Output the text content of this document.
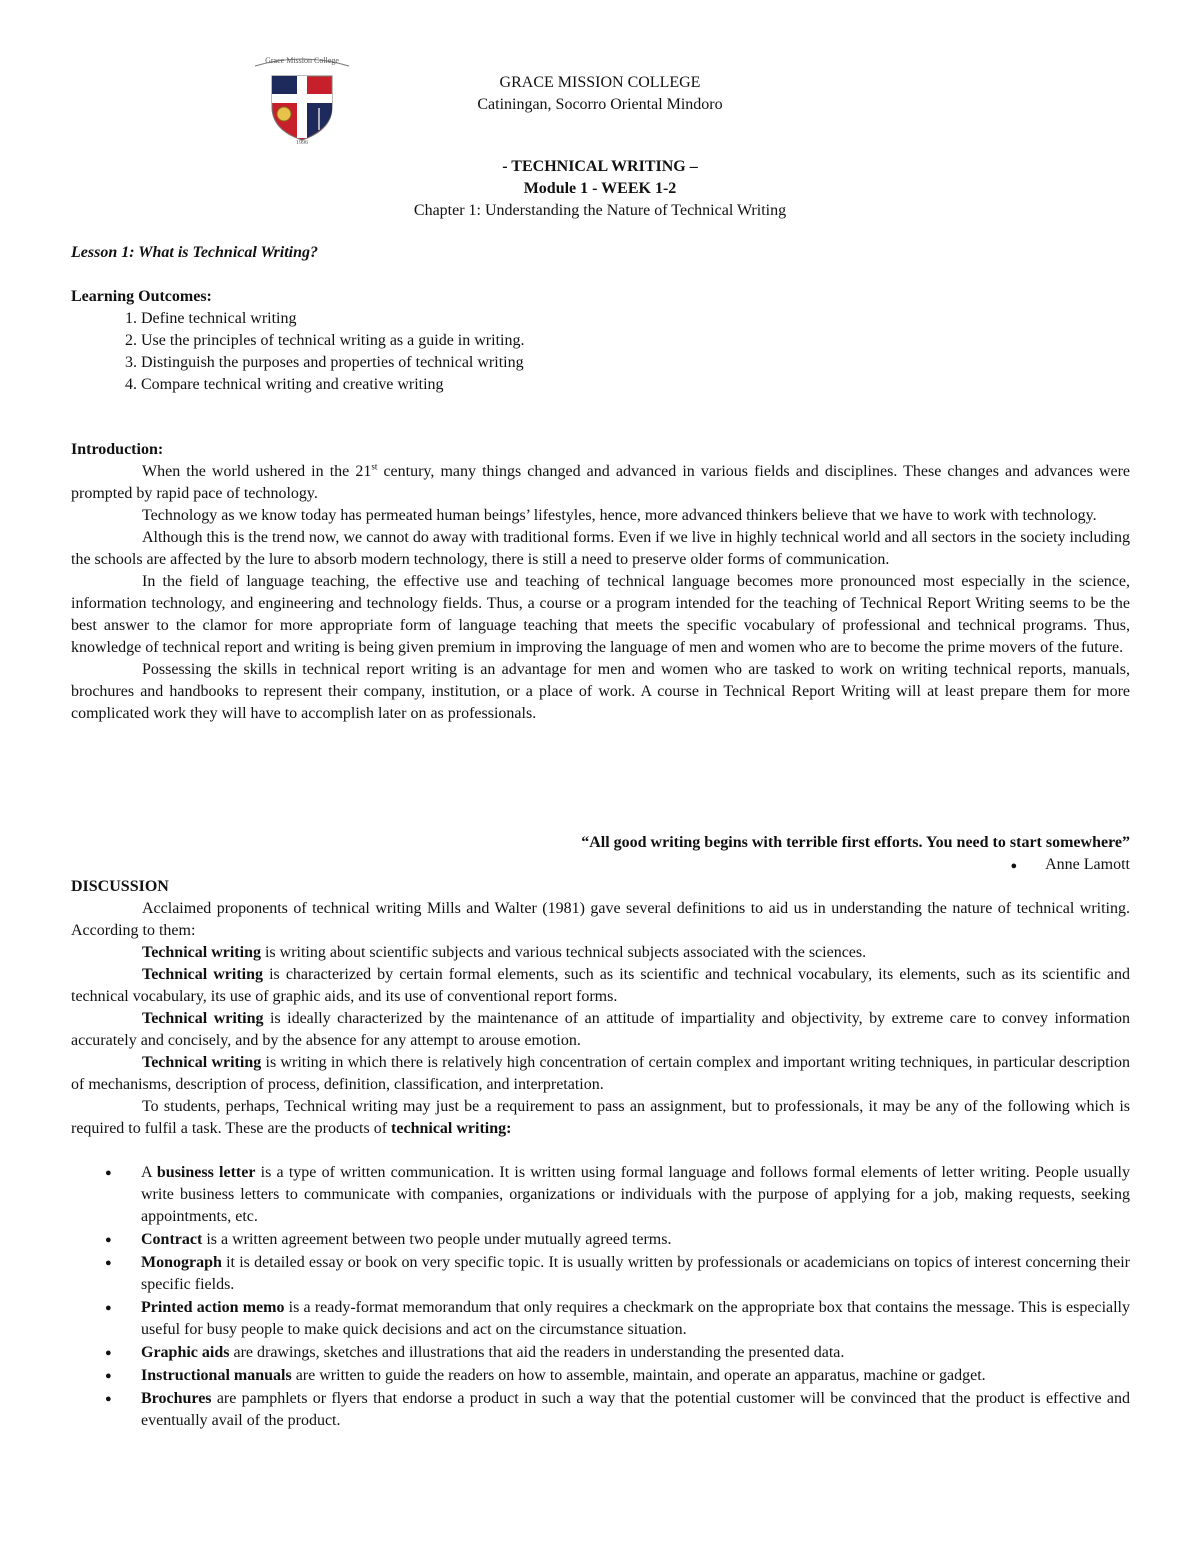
Grace Mission College
1996
GRACE MISSION COLLEGE
Catiningan, Socorro Oriental Mindoro
- TECHNICAL WRITING –
Module 1 - WEEK 1-2
Chapter 1: Understanding the Nature of Technical Writing
Lesson 1: What is Technical Writing?
Learning Outcomes:
1. Define technical writing
2. Use the principles of technical writing as a guide in writing.
3. Distinguish the purposes and properties of technical writing
4. Compare technical writing and creative writing
Introduction:

When the world ushered in the 21st century, many things changed and advanced in various fields and disciplines. These changes and advances were prompted by rapid pace of technology.

Technology as we know today has permeated human beings’ lifestyles, hence, more advanced thinkers believe that we have to work with technology.

Although this is the trend now, we cannot do away with traditional forms. Even if we live in highly technical world and all sectors in the society including the schools are affected by the lure to absorb modern technology, there is still a need to preserve older forms of communication.

In the field of language teaching, the effective use and teaching of technical language becomes more pronounced most especially in the science, information technology, and engineering and technology fields. Thus, a course or a program intended for the teaching of Technical Report Writing seems to be the best answer to the clamor for more appropriate form of language teaching that meets the specific vocabulary of professional and technical programs. Thus, knowledge of technical report and writing is being given premium in improving the language of men and women who are to become the prime movers of the future.

Possessing the skills in technical report writing is an advantage for men and women who are tasked to work on writing technical reports, manuals, brochures and handbooks to represent their company, institution, or a place of work. A course in Technical Report Writing will at least prepare them for more complicated work they will have to accomplish later on as professionals.

“All good writing begins with terrible first efforts. You need to start somewhere”
● Anne Lamott
DISCUSSION

Acclaimed proponents of technical writing Mills and Walter (1981) gave several definitions to aid us in understanding the nature of technical writing. According to them:

Technical writing is writing about scientific subjects and various technical subjects associated with the sciences.

Technical writing is characterized by certain formal elements, such as its scientific and technical vocabulary, its elements, such as its scientific and technical vocabulary, its use of graphic aids, and its use of conventional report forms.

Technical writing is ideally characterized by the maintenance of an attitude of impartiality and objectivity, by extreme care to convey information accurately and concisely, and by the absence for any attempt to arouse emotion.

Technical writing is writing in which there is relatively high concentration of certain complex and important writing techniques, in particular description of mechanisms, description of process, definition, classification, and interpretation.

To students, perhaps, Technical writing may just be a requirement to pass an assignment, but to professionals, it may be any of the following which is required to fulfil a task. These are the products of technical writing:

● A business letter is a type of written communication. It is written using formal language and follows formal elements of letter writing. People usually write business letters to communicate with companies, organizations or individuals with the purpose of applying for a job, making requests, seeking appointments, etc.
● Contract is a written agreement between two people under mutually agreed terms.
● Monograph it is detailed essay or book on very specific topic. It is usually written by professionals or academicians on topics of interest concerning their specific fields.
● Printed action memo is a ready-format memorandum that only requires a checkmark on the appropriate box that contains the message. This is especially useful for busy people to make quick decisions and act on the circumstance situation.
● Graphic aids are drawings, sketches and illustrations that aid the readers in understanding the presented data.
● Instructional manuals are written to guide the readers on how to assemble, maintain, and operate an apparatus, machine or gadget.
● Brochures are pamphlets or flyers that endorse a product in such a way that the potential customer will be convinced that the product is effective and eventually avail of the product.
